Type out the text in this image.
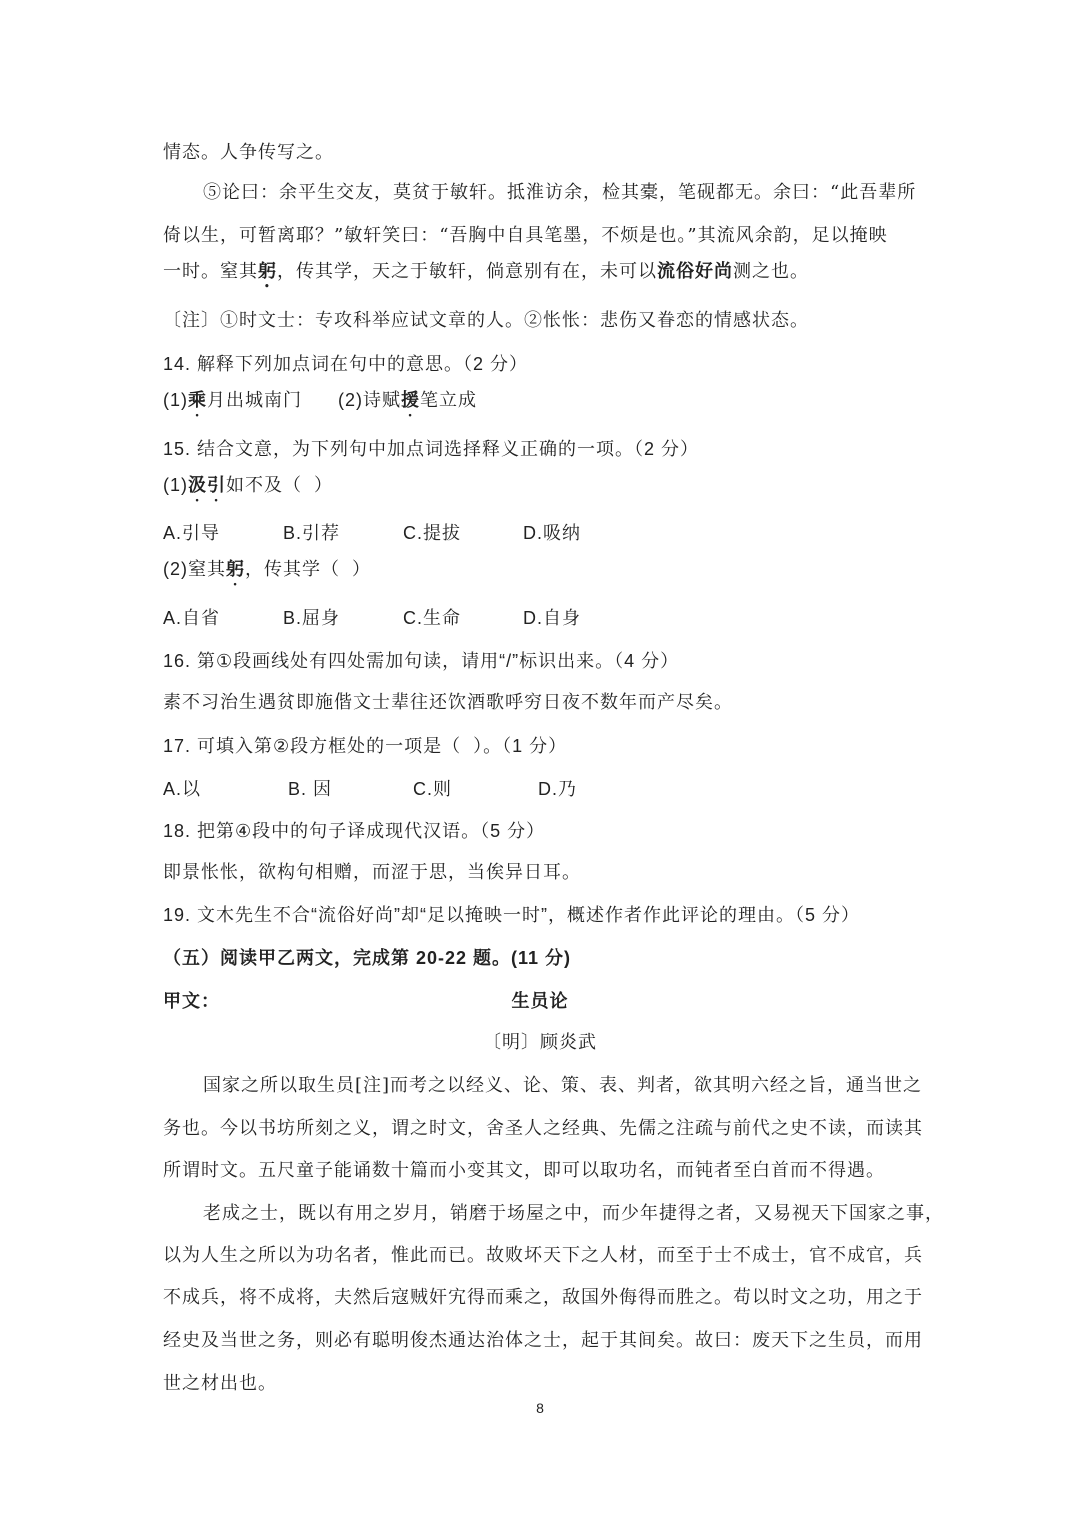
情态。人争传写之。
⑤论曰：余平生交友，莫贫于敏轩。抵淮访余，检其橐，笔砚都无。余曰：“此吾辈所
倚以生，可暂离耶？”敏轩笑曰：“吾胸中自具笔墨，不烦是也。”其流风余韵，足以掩映
一时。窒其躬，传其学，天之于敏轩，倘意别有在，未可以流俗好尚测之也。
〔注〕①时文士：专攻科举应试文章的人。②怅怅：悲伤又眷恋的情感状态。
14. 解释下列加点词在句中的意思。（2 分）
(1)乘月出城南门      (2)诗赋援笔立成
15. 结合文意，为下列句中加点词选择释义正确的一项。（2 分）
(1)汲引如不及（  ）
A.引导	B.引荐	C.提拔	D.吸纳
(2)窒其躬，传其学（  ）
A.自省	B.屈身	C.生命	D.自身
16. 第①段画线处有四处需加句读，请用“/”标识出来。（4 分）
素不习治生遇贫即施偕文士辈往还饮酒歌呼穷日夜不数年而产尽矣。
17. 可填入第②段方框处的一项是（  ）。（1 分）
A.以	B. 因	C.则	D.乃
18. 把第④段中的句子译成现代汉语。（5 分）
即景怅怅，欲构句相赠，而涩于思，当俟异日耳。
19. 文木先生不合“流俗好尚”却“足以掩映一时”，概述作者作此评论的理由。（5 分）
（五）阅读甲乙两文，完成第 20-22 题。(11 分)
甲文：
国家之所以取生员[注]而考之以经义、论、策、表、判者，欲其明六经之旨，通当世之
务也。今以书坊所刻之义，谓之时文，舍圣人之经典、先儒之注疏与前代之史不读，而读其
所谓时文。五尺童子能诵数十篇而小变其文，即可以取功名，而钝者至白首而不得遇。
老成之士，既以有用之岁月，销磨于场屋之中，而少年捷得之者，又易视天下国家之事，
以为人生之所以为功名者，惟此而已。故败坏天下之人材，而至于士不成士，官不成官，兵
不成兵，将不成将，夫然后寇贼奸宄得而乘之，敌国外侮得而胜之。苟以时文之功，用之于
经史及当世之务，则必有聪明俊杰通达治体之士，起于其间矣。故曰：废天下之生员，而用
世之材出也。
生员论
〔明〕顾炎武
8
